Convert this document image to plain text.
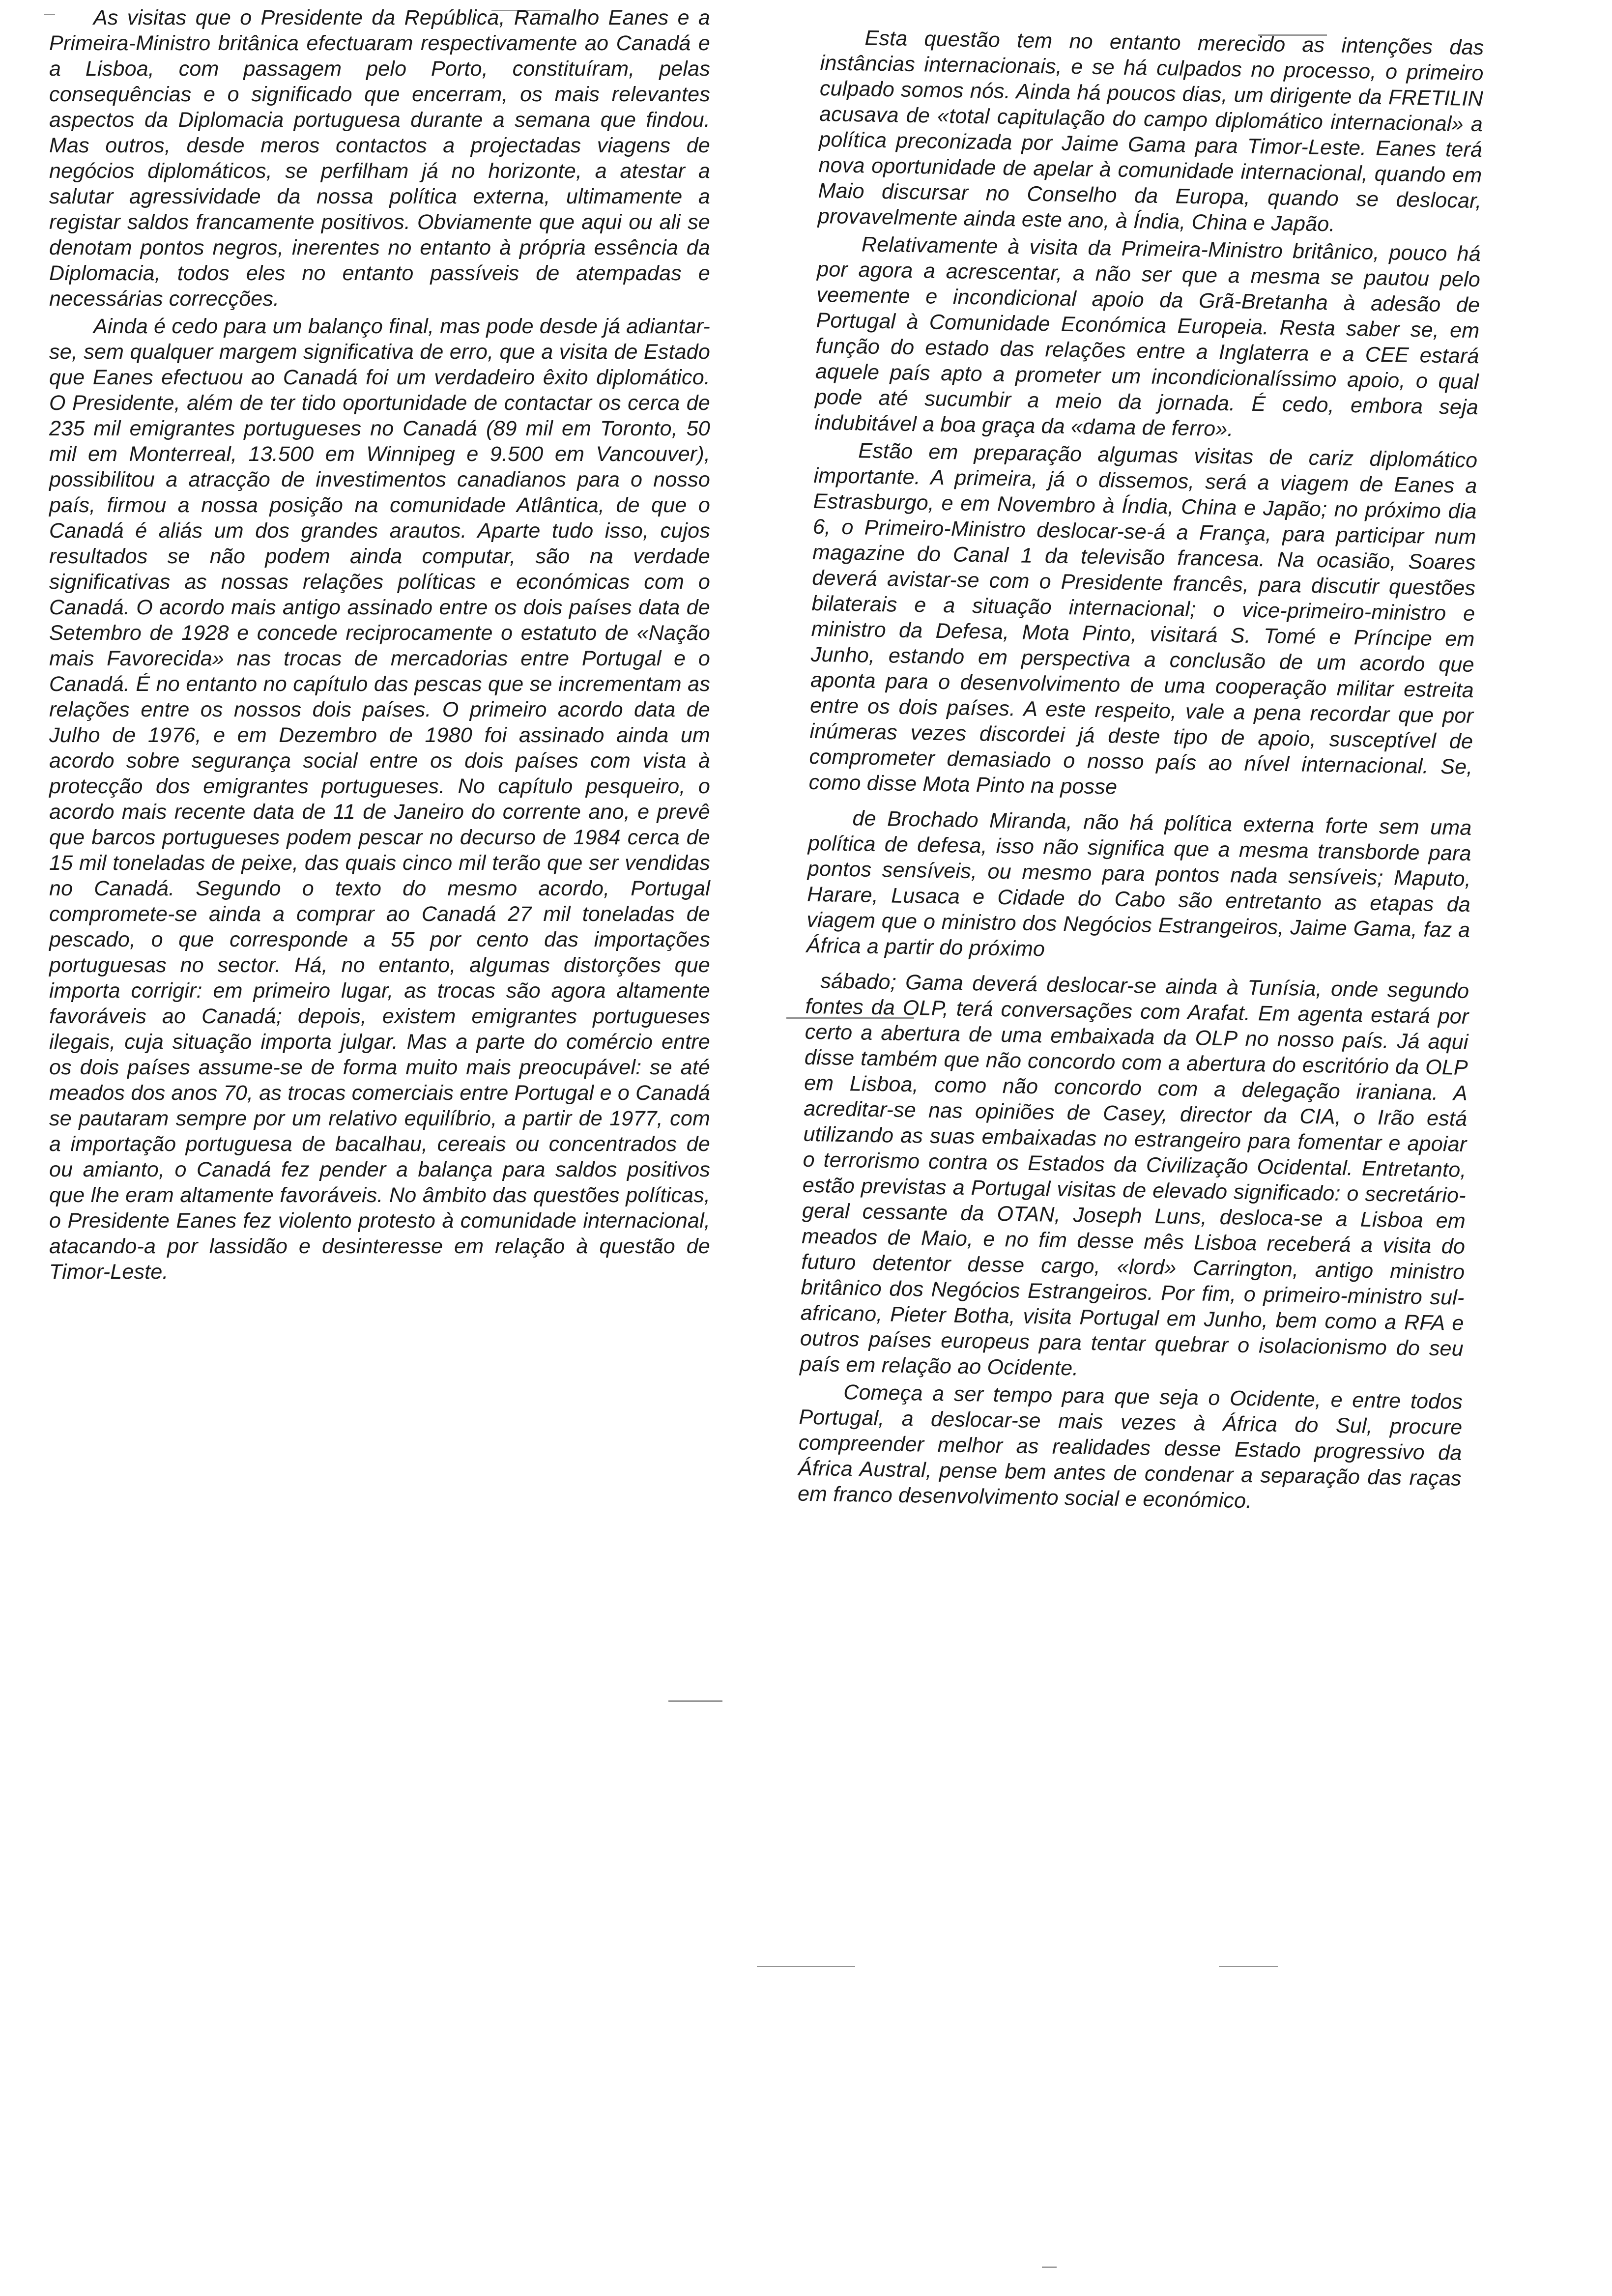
As visitas que o Presidente da República, Ramalho Eanes e a Primeira-Ministro britânica efectuaram respectivamente ao Canadá e a Lisboa, com passagem pelo Porto, constituíram, pelas consequências e o significado que encerram, os mais relevantes aspectos da Diplomacia portuguesa durante a semana que findou. Mas outros, desde meros contactos a projectadas viagens de negócios diplomáticos, se perfilham já no horizonte, a atestar a salutar agressividade da nossa política externa, ultimamente a registar saldos francamente positivos. Obviamente que aqui ou ali se denotam pontos negros, inerentes no entanto à própria essência da Diplomacia, todos eles no entanto passíveis de atempadas e necessárias correcções.

Ainda é cedo para um balanço final, mas pode desde já adiantar-se, sem qualquer margem significativa de erro, que a visita de Estado que Eanes efectuou ao Canadá foi um verdadeiro êxito diplomático. O Presidente, além de ter tido oportunidade de contactar os cerca de 235 mil emigrantes portugueses no Canadá (89 mil em Toronto, 50 mil em Monterreal, 13.500 em Winnipeg e 9.500 em Vancouver), possibilitou a atracção de investimentos canadianos para o nosso país, firmou a nossa posição na comunidade Atlântica, de que o Canadá é aliás um dos grandes arautos. Aparte tudo isso, cujos resultados se não podem ainda computar, são na verdade significativas as nossas relações políticas e económicas com o Canadá. O acordo mais antigo assinado entre os dois países data de Setembro de 1928 e concede reciprocamente o estatuto de «Nação mais Favorecida» nas trocas de mercadorias entre Portugal e o Canadá. É no entanto no capítulo das pescas que se incrementam as relações entre os nossos dois países. O primeiro acordo data de Julho de 1976, e em Dezembro de 1980 foi assinado ainda um acordo sobre segurança social entre os dois países com vista à protecção dos emigrantes portugueses. No capítulo pesqueiro, o acordo mais recente data de 11 de Janeiro do corrente ano, e prevê que barcos portugueses podem pescar no decurso de 1984 cerca de 15 mil toneladas de peixe, das quais cinco mil terão que ser vendidas no Canadá. Segundo o texto do mesmo acordo, Portugal compromete-se ainda a comprar ao Canadá 27 mil toneladas de pescado, o que corresponde a 55 por cento das importações portuguesas no sector. Há, no entanto, algumas distorções que importa corrigir: em primeiro lugar, as trocas são agora altamente favoráveis ao Canadá; depois, existem emigrantes portugueses ilegais, cuja situação importa julgar. Mas a parte do comércio entre os dois países assume-se de forma muito mais preocupável: se até meados dos anos 70, as trocas comerciais entre Portugal e o Canadá se pautaram sempre por um relativo equilíbrio, a partir de 1977, com a importação portuguesa de bacalhau, cereais ou concentrados de ou amianto, o Canadá fez pender a balança para saldos positivos que lhe eram altamente favoráveis. No âmbito das questões políticas, o Presidente Eanes fez violento protesto à comunidade internacional, atacando-a por lassidão e desinteresse em relação à questão de Timor-Leste.

Esta questão tem no entanto merecido as intenções das instâncias internacionais, e se há culpados no processo, o primeiro culpado somos nós. Ainda há poucos dias, um dirigente da FRETILIN acusava de «total capitulação do campo diplomático internacional» a política preconizada por Jaime Gama para Timor-Leste. Eanes terá nova oportunidade de apelar à comunidade internacional, quando em Maio discursar no Conselho da Europa, quando se deslocar, provavelmente ainda este ano, à Índia, China e Japão.

Relativamente à visita da Primeira-Ministro britânico, pouco há por agora a acrescentar, a não ser que a mesma se pautou pelo veemente e incondicional apoio da Grã-Bretanha à adesão de Portugal à Comunidade Económica Europeia. Resta saber se, em função do estado das relações entre a Inglaterra e a CEE estará aquele país apto a prometer um incondicionalíssimo apoio, o qual pode até sucumbir a meio da jornada. É cedo, embora seja indubitável a boa graça da «dama de ferro».

Estão em preparação algumas visitas de cariz diplomático importante. A primeira, já o dissemos, será a viagem de Eanes a Estrasburgo, e em Novembro à Índia, China e Japão; no próximo dia 6, o Primeiro-Ministro deslocar-se-á a França, para participar num magazine do Canal 1 da televisão francesa. Na ocasião, Soares deverá avistar-se com o Presidente francês, para discutir questões bilaterais e a situação internacional; o vice-primeiro-ministro e ministro da Defesa, Mota Pinto, visitará S. Tomé e Príncipe em Junho, estando em perspectiva a conclusão de um acordo que aponta para o desenvolvimento de uma cooperação militar estreita entre os dois países. A este respeito, vale a pena recordar que por inúmeras vezes discordei já deste tipo de apoio, susceptível de comprometer demasiado o nosso país ao nível internacional. Se, como disse Mota Pinto na posse

de Brochado Miranda, não há política externa forte sem uma política de defesa, isso não significa que a mesma transborde para pontos sensíveis, ou mesmo para pontos nada sensíveis; Maputo, Harare, Lusaca e Cidade do Cabo são entretanto as etapas da viagem que o ministro dos Negócios Estrangeiros, Jaime Gama, faz a África a partir do próximo

sábado; Gama deverá deslocar-se ainda à Tunísia, onde segundo fontes da OLP, terá conversações com Arafat. Em agenta estará por certo a abertura de uma embaixada da OLP no nosso país. Já aqui disse também que não concordo com a abertura do escritório da OLP em Lisboa, como não concordo com a delegação iraniana. A acreditar-se nas opiniões de Casey, director da CIA, o Irão está utilizando as suas embaixadas no estrangeiro para fomentar e apoiar o terrorismo contra os Estados da Civilização Ocidental. Entretanto, estão previstas a Portugal visitas de elevado significado: o secretário-geral cessante da OTAN, Joseph Luns, desloca-se a Lisboa em meados de Maio, e no fim desse mês Lisboa receberá a visita do futuro detentor desse cargo, «lord» Carrington, antigo ministro britânico dos Negócios Estrangeiros. Por fim, o primeiro-ministro sul-africano, Pieter Botha, visita Portugal em Junho, bem como a RFA e outros países europeus para tentar quebrar o isolacionismo do seu país em relação ao Ocidente.

Começa a ser tempo para que seja o Ocidente, e entre todos Portugal, a deslocar-se mais vezes à África do Sul, procure compreender melhor as realidades desse Estado progressivo da África Austral, pense bem antes de condenar a separação das raças em franco desenvolvimento social e económico.
